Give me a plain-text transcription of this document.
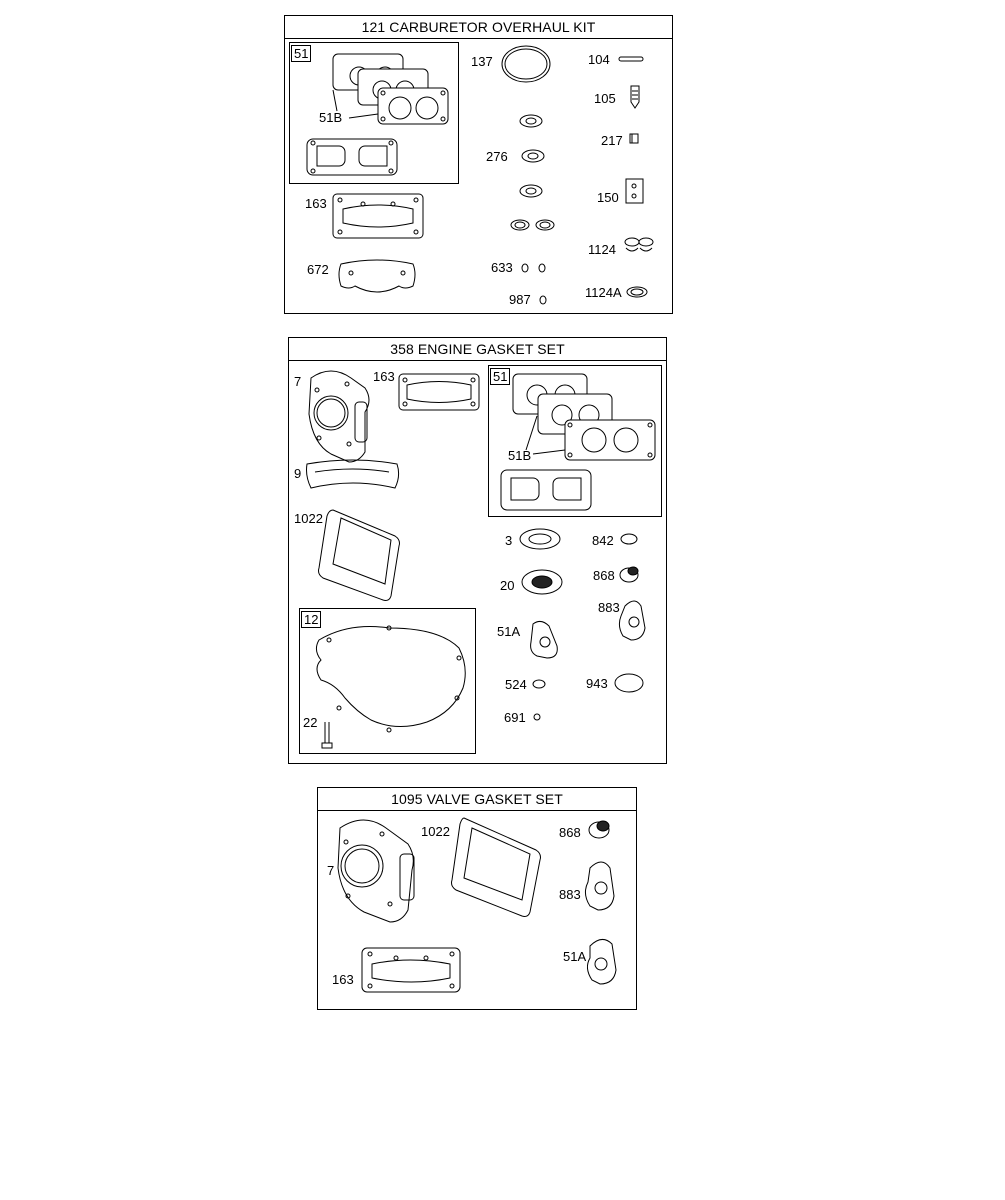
121 CARBURETOR OVERHAUL KIT
51
51B
137	104
105
217
276
150
163
1124
672	633
987	1124A
358 ENGINE GASKET SET
51
12
7	163
9
51B
1022
3	842
20
868
883
51A
524	943
22	691
1095 VALVE GASKET SET
1022	868
7
883
51A
163
